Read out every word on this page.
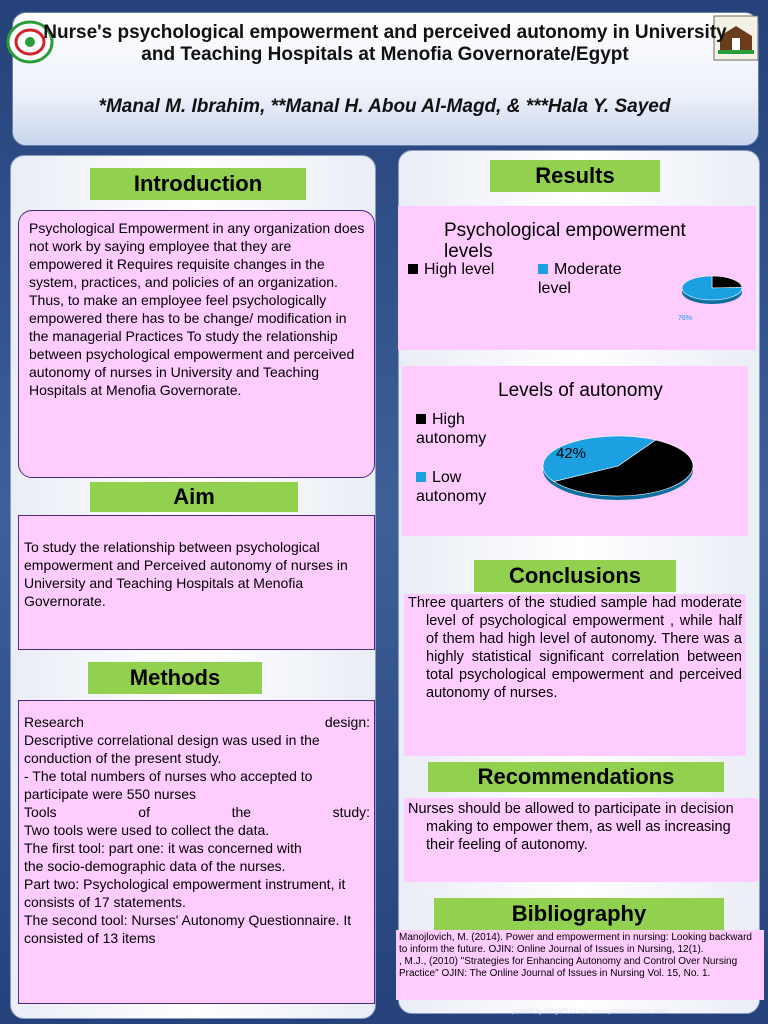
Nurse's psychological empowerment and perceived autonomy in University and Teaching Hospitals at Menofia Governorate/Egypt
*Manal M. Ibrahim, **Manal H. Abou Al-Magd, & ***Hala Y. Sayed
Introduction
Psychological Empowerment in any organization does not work by saying employee that they are empowered it Requires requisite changes in the system, practices, and policies of an organization. Thus, to make an employee feel psychologically empowered there has to be change/ modification in the managerial Practices To study the relationship between psychological empowerment and perceived autonomy of nurses in University and Teaching Hospitals at Menofia Governorate.
Aim
To study the relationship between psychological empowerment and Perceived autonomy of nurses in University and Teaching Hospitals at Menofia Governorate.
Methods
Research design:
Descriptive correlational design was used in the conduction of the present study.
- The total numbers of nurses who accepted to participate were 550 nurses
Tools of the study:
Two tools were used to collect the data.
The first tool: part one: it was concerned with
the socio-demographic data of the nurses.
Part two: Psychological empowerment instrument, it consists of 17 statements.
The second tool: Nurses' Autonomy Questionnaire. It consisted of 13 items
Results
Psychological empowerment levels
High level	Moderate level
76%
Levels of autonomy
High autonomy
Low autonomy
42%
Conclusions
Three quarters of the studied sample had moderate level of psychological empowerment , while half of them had high level of autonomy. There was a highly statistical significant correlation between total psychological empowerment and perceived autonomy of nurses.
Recommendations
Nurses should be allowed to participate in decision making to empower them, as well as increasing their feeling of autonomy.
Bibliography
Manojlovich, M. (2014). Power and empowerment in nursing: Looking backward to inform the future. OJIN: Online Journal of Issues in Nursing, 12(1).
, M.J., (2010) "Strategies for Enhancing Autonomy and Control Over Nursing Practice" OJIN: The Online Journal of Issues in Nursing Vol. 15, No. 1.
printed by MegaPrint Inc. www.postersession.com
